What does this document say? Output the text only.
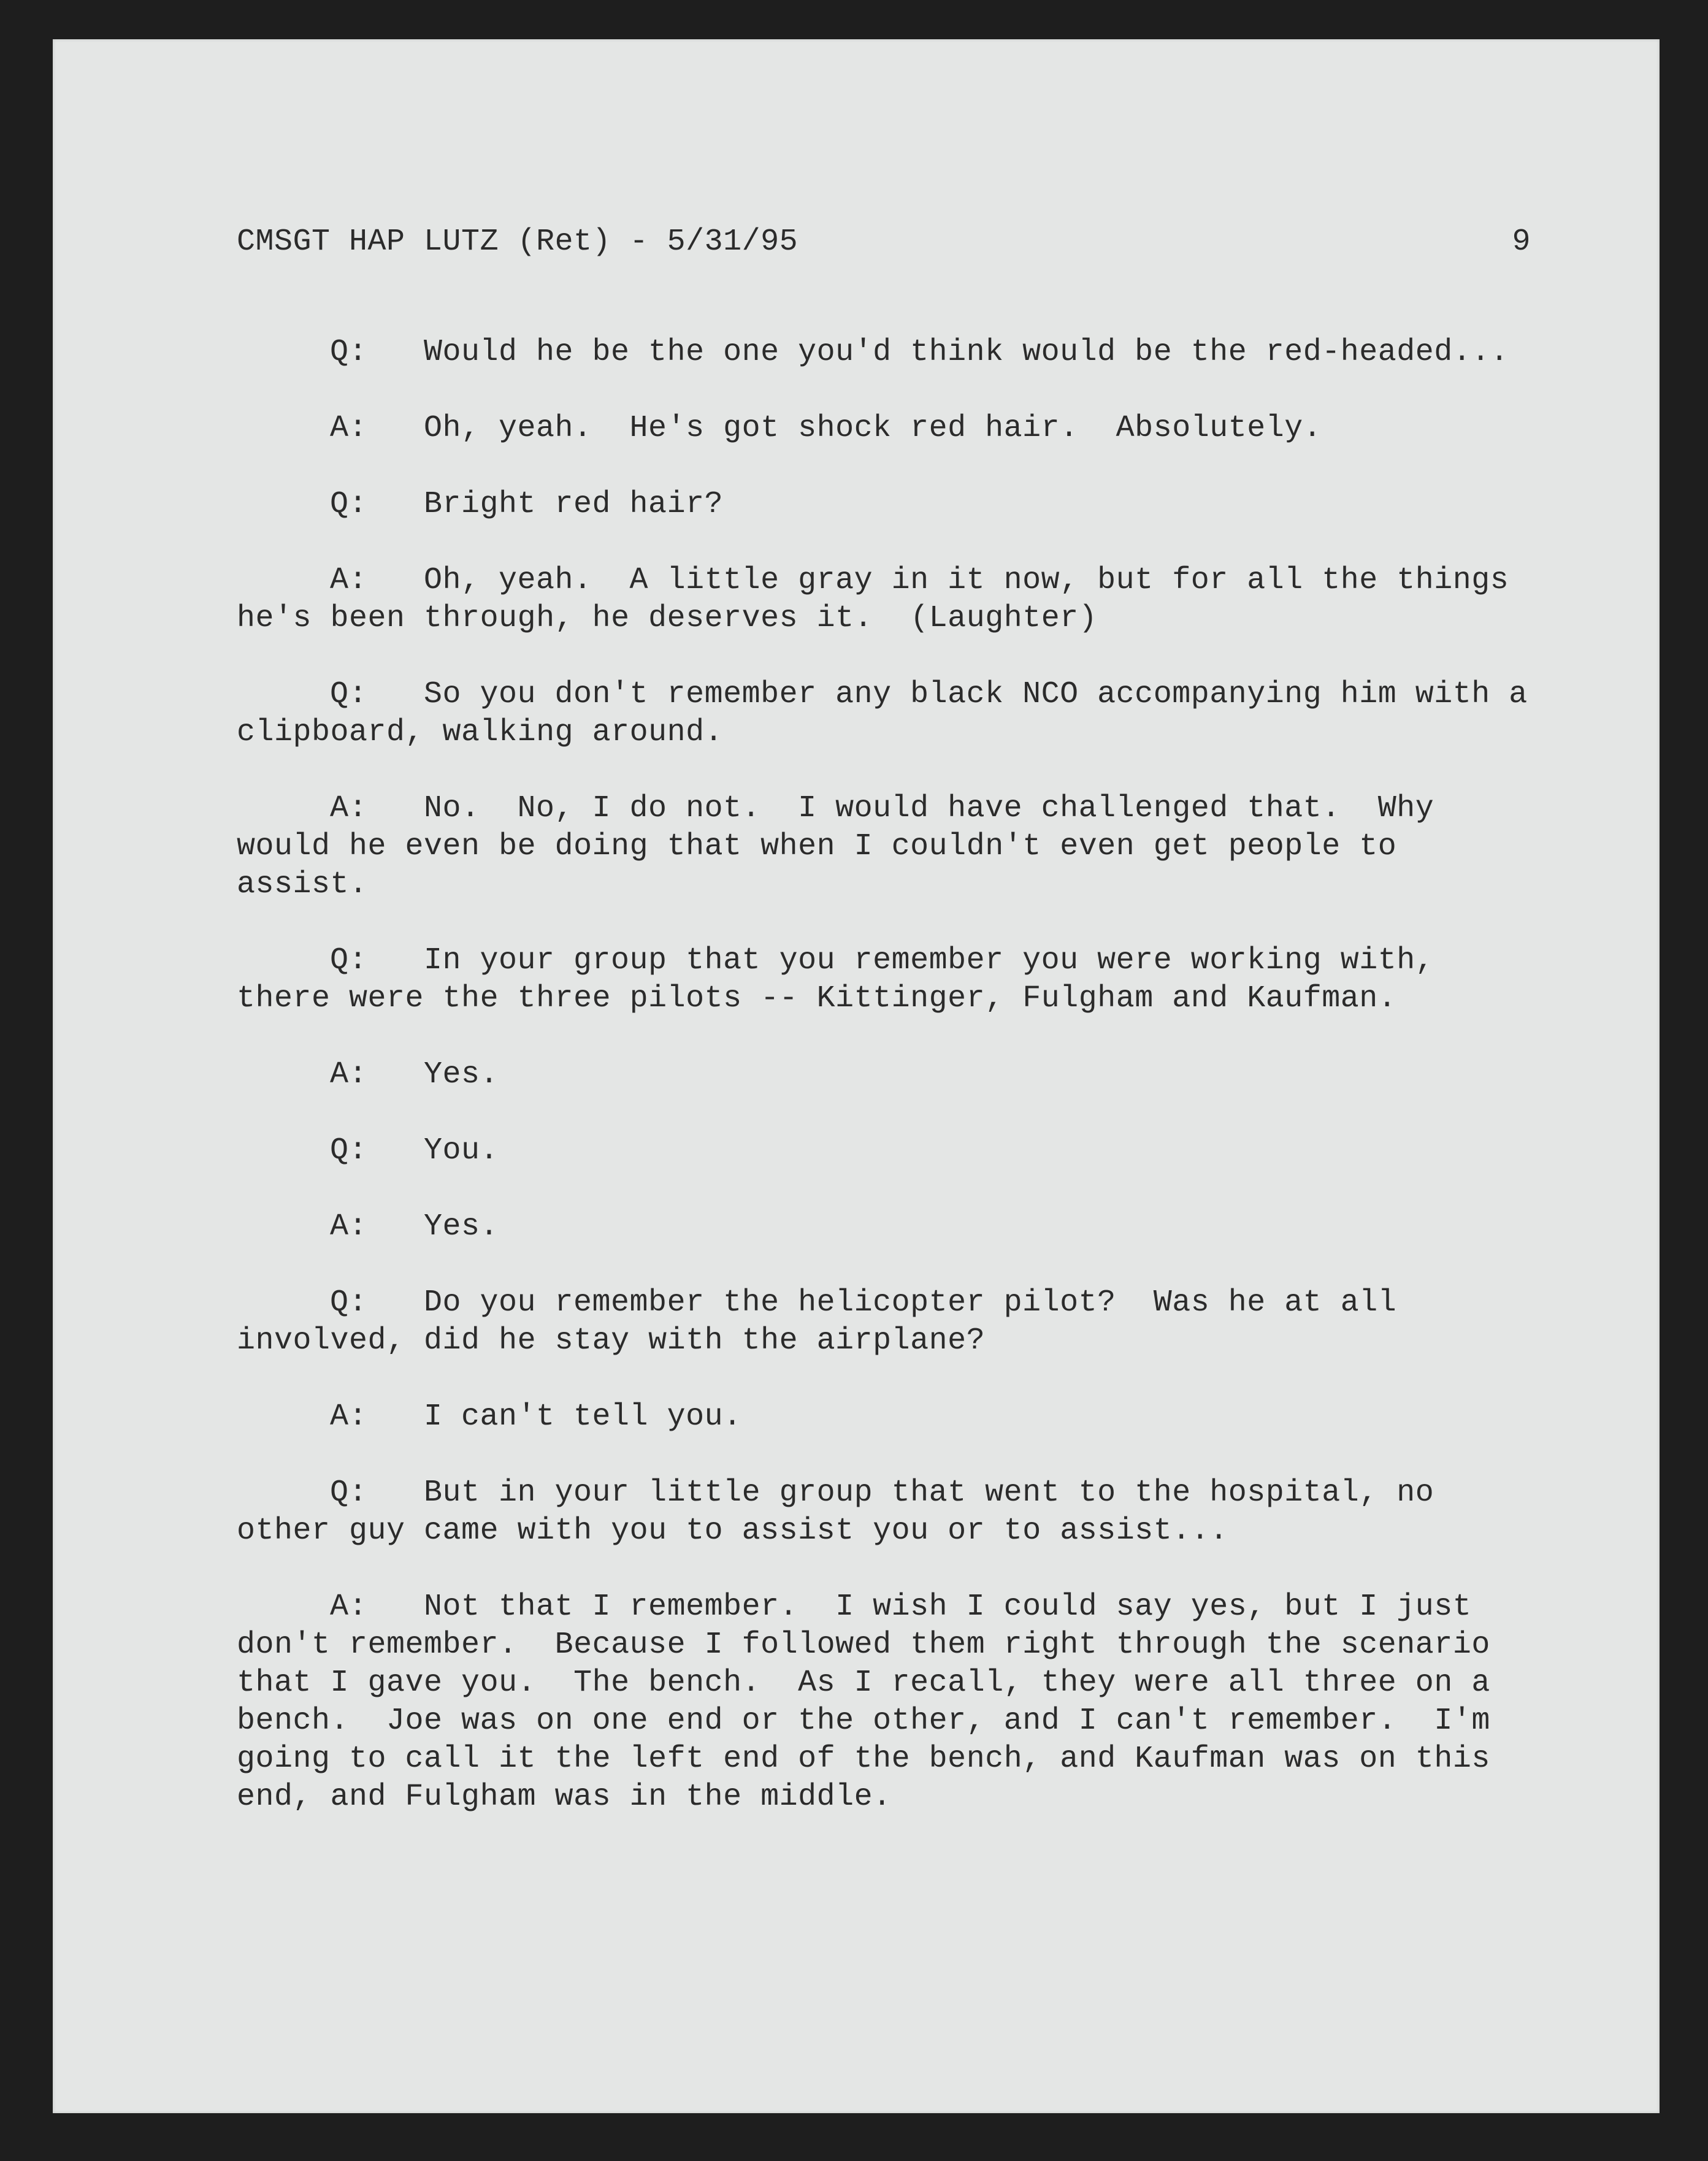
CMSGT HAP LUTZ (Ret) - 5/31/95	9

Q: Would he be the one you'd think would be the red-headed...

A: Oh, yeah.  He's got shock red hair.  Absolutely.

Q: Bright red hair?

A: Oh, yeah.  A little gray in it now, but for all the things he's been through, he deserves it.  (Laughter)

Q: So you don't remember any black NCO accompanying him with a clipboard, walking around.

A: No.  No, I do not.  I would have challenged that.  Why would he even be doing that when I couldn't even get people to assist.

Q: In your group that you remember you were working with, there were the three pilots -- Kittinger, Fulgham and Kaufman.

A: Yes.

Q: You.

A: Yes.

Q: Do you remember the helicopter pilot?  Was he at all involved, did he stay with the airplane?

A: I can't tell you.

Q: But in your little group that went to the hospital, no other guy came with you to assist you or to assist...

A: Not that I remember.  I wish I could say yes, but I just don't remember.  Because I followed them right through the scenario that I gave you.  The bench.  As I recall, they were all three on a bench.  Joe was on one end or the other, and I can't remember.  I'm going to call it the left end of the bench, and Kaufman was on this end, and Fulgham was in the middle.
